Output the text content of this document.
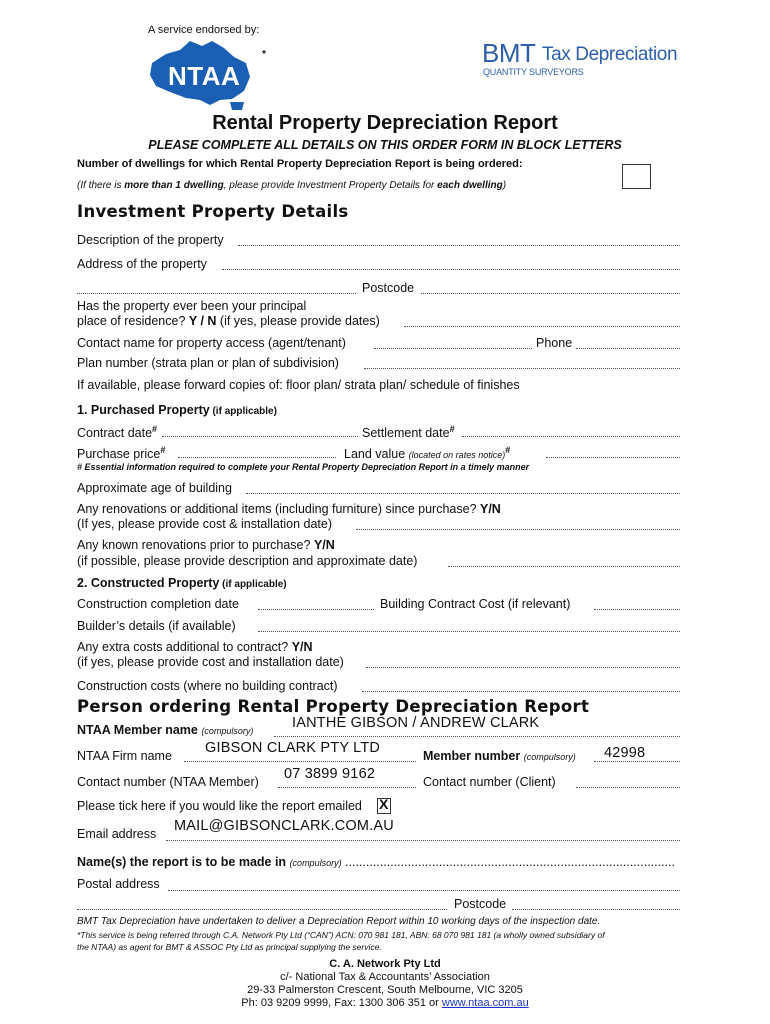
A service endorsed by:
NTAA
*	BMT Tax Depreciation
QUANTITY SURVEYORS
Rental Property Depreciation Report
PLEASE COMPLETE ALL DETAILS ON THIS ORDER FORM IN BLOCK LETTERS
Number of dwellings for which Rental Property Depreciation Report is being ordered:
(If there is more than 1 dwelling, please provide Investment Property Details for each dwelling)
Investment Property Details
Description of the property
Address of the property
Postcode
Has the property ever been your principal
place of residence? Y / N (if yes, please provide dates)
Contact name for property access (agent/tenant)	Phone
Plan number (strata plan or plan of subdivision)
If available, please forward copies of: floor plan/ strata plan/ schedule of finishes
1. Purchased Property (if applicable)
Contract date#	Settlement date#
Purchase price#	Land value (located on rates notice)#
# Essential information required to complete your Rental Property Depreciation Report in a timely manner
Approximate age of building
Any renovations or additional items (including furniture) since purchase? Y/N
(If yes, please provide cost & installation date)
Any known renovations prior to purchase? Y/N
(if possible, please provide description and approximate date)
2. Constructed Property (if applicable)
Construction completion date	Building Contract Cost (if relevant)
Builder’s details (if available)
Any extra costs additional to contract? Y/N
(if yes, please provide cost and installation date)
Construction costs (where no building contract)
Person ordering Rental Property Depreciation Report
NTAA Member name (compulsory)	IANTHE GIBSON / ANDREW CLARK
NTAA Firm name GIBSON CLARK PTY LTD	Member number (compulsory) 42998
Contact number (NTAA Member) 07 3899 9162	Contact number (Client)
Please tick here if you would like the report emailed X
Email address MAIL@GIBSONCLARK.COM.AU
Name(s) the report is to be made in (compulsory) ...............................................................................................
Postal address
Postcode
BMT Tax Depreciation have undertaken to deliver a Depreciation Report within 10 working days of the inspection date.
*This service is being referred through C.A. Network Pty Ltd (“CAN”) ACN: 070 981 181, ABN: 68 070 981 181 (a wholly owned subsidiary of
the NTAA) as agent for BMT & ASSOC Pty Ltd as principal supplying the service.
C. A. Network Pty Ltd
c/- National Tax & Accountants’ Association
29-33 Palmerston Crescent, South Melbourne, VIC 3205
Ph: 03 9209 9999, Fax: 1300 306 351 or www.ntaa.com.au
